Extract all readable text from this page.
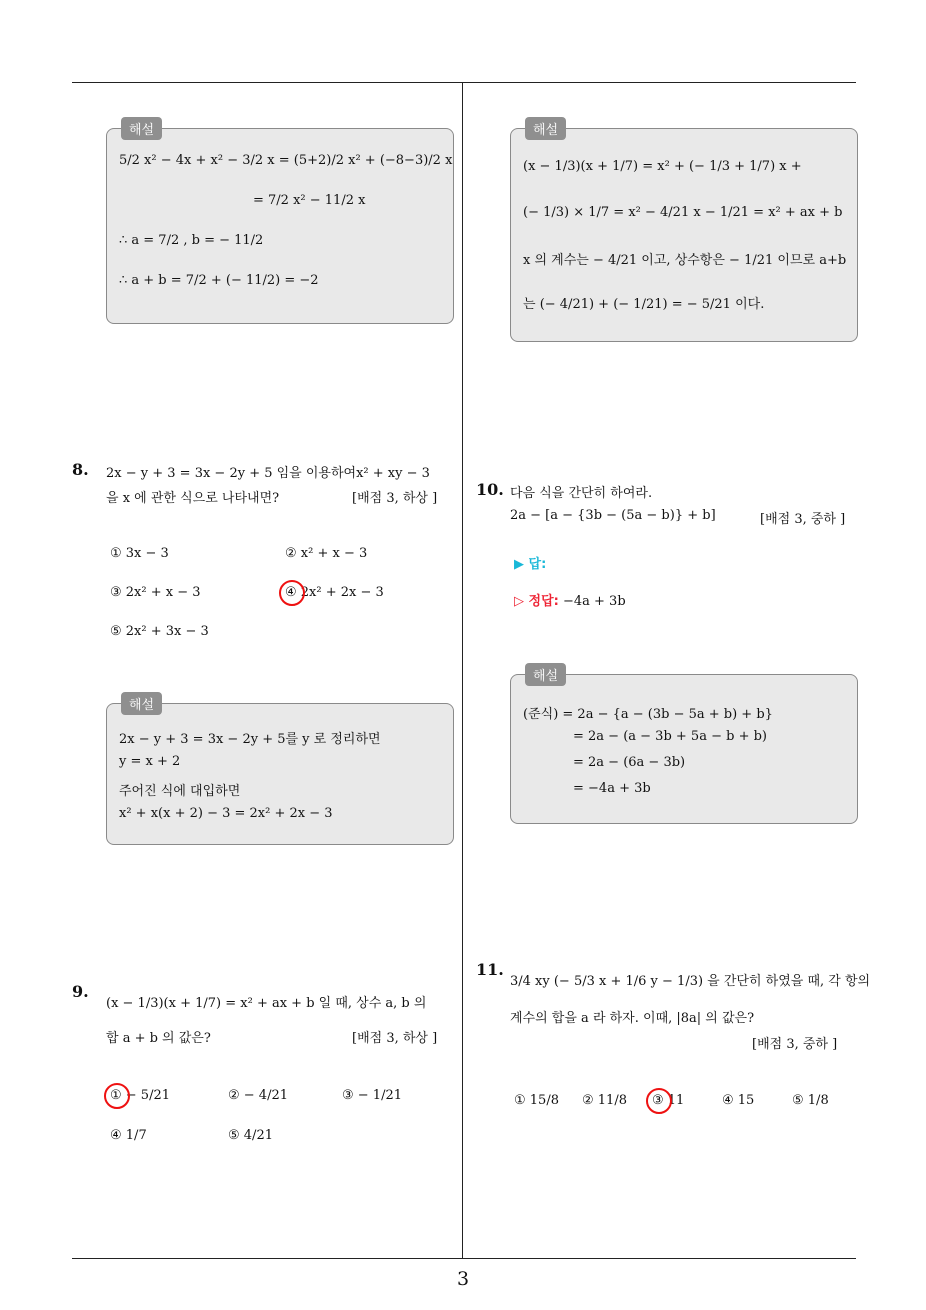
3
해설
5/2 x² − 4x + x² − 3/2 x = (5+2)/2 x² + (−8−3)/2 x
= 7/2 x² − 11/2 x
∴ a = 7/2 , b = − 11/2
∴ a + b = 7/2 + (− 11/2) = −2
해설
(x − 1/3)(x + 1/7) = x² + (− 1/3 + 1/7) x +
(− 1/3) × 1/7 = x² − 4/21 x − 1/21 = x² + ax + b
x 의 계수는 − 4/21 이고, 상수항은 − 1/21 이므로 a+b
는 (− 4/21) + (− 1/21) = − 5/21 이다.
8. 2x − y + 3 = 3x − 2y + 5 임을 이용하여x² + xy − 3
을 x 에 관한 식으로 나타내면?	[배점 3, 하상 ]
① 3x − 3	② x² + x − 3
③ 2x² + x − 3	④ 2x² + 2x − 3
⑤ 2x² + 3x − 3
해설
2x − y + 3 = 3x − 2y + 5를 y 로 정리하면
y = x + 2
주어진 식에 대입하면
x² + x(x + 2) − 3 = 2x² + 2x − 3
9.
(x − 1/3)(x + 1/7) = x² + ax + b 일 때, 상수 a, b 의
합 a + b 의 값은?	[배점 3, 하상 ]
① − 5/21	② − 4/21	③ − 1/21
④ 1/7	⑤ 4/21
10. 다음 식을 간단히 하여라.
2a − [a − {3b − (5a − b)} + b]	[배점 3, 중하 ]
▶ 답:
▷ 정답: −4a + 3b
해설
(준식) = 2a − {a − (3b − 5a + b) + b}
= 2a − (a − 3b + 5a − b + b)
= 2a − (6a − 3b)
= −4a + 3b
11.
3/4 xy (− 5/3 x + 1/6 y − 1/3) 을 간단히 하였을 때, 각 항의
계수의 합을 a 라 하자. 이때, |8a| 의 값은?
[배점 3, 중하 ]
① 15/8 ② 11/8 ③ 11	④ 15	⑤ 1/8
